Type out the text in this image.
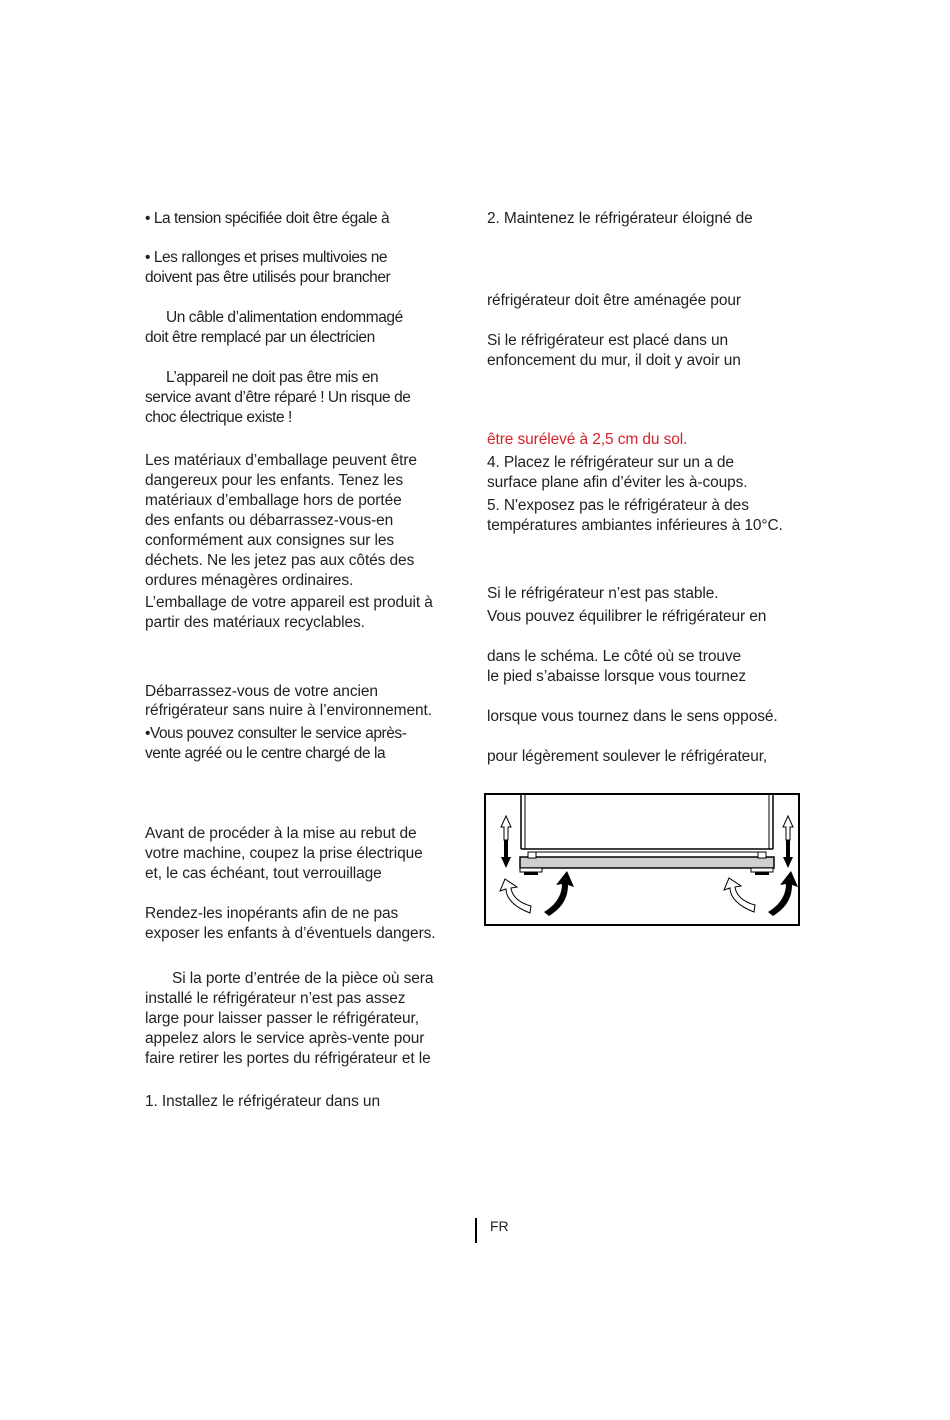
• La tension spécifiée doit être égale à
• Les rallonges et prises multivoies ne
doivent pas être utilisés pour brancher
Un câble d’alimentation endommagé
doit être remplacé par un électricien
L’appareil ne doit pas être mis en
service avant d’être réparé ! Un risque de
choc électrique existe !
Les matériaux d’emballage peuvent être
dangereux pour les enfants. Tenez les
matériaux d’emballage hors de portée
des enfants ou débarrassez-vous-en
conformément aux consignes sur les
déchets. Ne les jetez pas aux côtés des
ordures ménagères ordinaires.
L’emballage de votre appareil est produit à
partir des matériaux recyclables.
Débarrassez-vous de votre ancien
réfrigérateur sans nuire à l’environnement.
•Vous pouvez consulter le service après-
vente agréé ou le centre chargé de la
Avant de procéder à la mise au rebut de
votre machine, coupez la prise électrique
et, le cas échéant, tout verrouillage
Rendez-les inopérants afin de ne pas
exposer les enfants à d’éventuels dangers.
Si la porte d’entrée de la pièce où sera
installé le réfrigérateur n’est pas assez
large pour laisser passer le réfrigérateur,
appelez alors le service après-vente pour
faire retirer les portes du réfrigérateur et le
1. Installez le réfrigérateur dans un
2. Maintenez le réfrigérateur éloigné de
réfrigérateur doit être aménagée pour
Si le réfrigérateur est placé dans un
enfoncement du mur, il doit y avoir un
être surélevé à 2,5 cm du sol.
4. Placez le réfrigérateur sur un a de
surface plane afin d’éviter les à-coups.
5. N'exposez pas le réfrigérateur à des
températures ambiantes inférieures à 10°C.
Si le réfrigérateur n’est pas stable.
Vous pouvez équilibrer le réfrigérateur en
dans le schéma. Le côté où se trouve
le pied s’abaisse lorsque vous tournez
lorsque vous tournez dans le sens opposé.
pour légèrement soulever le réfrigérateur,
FR
